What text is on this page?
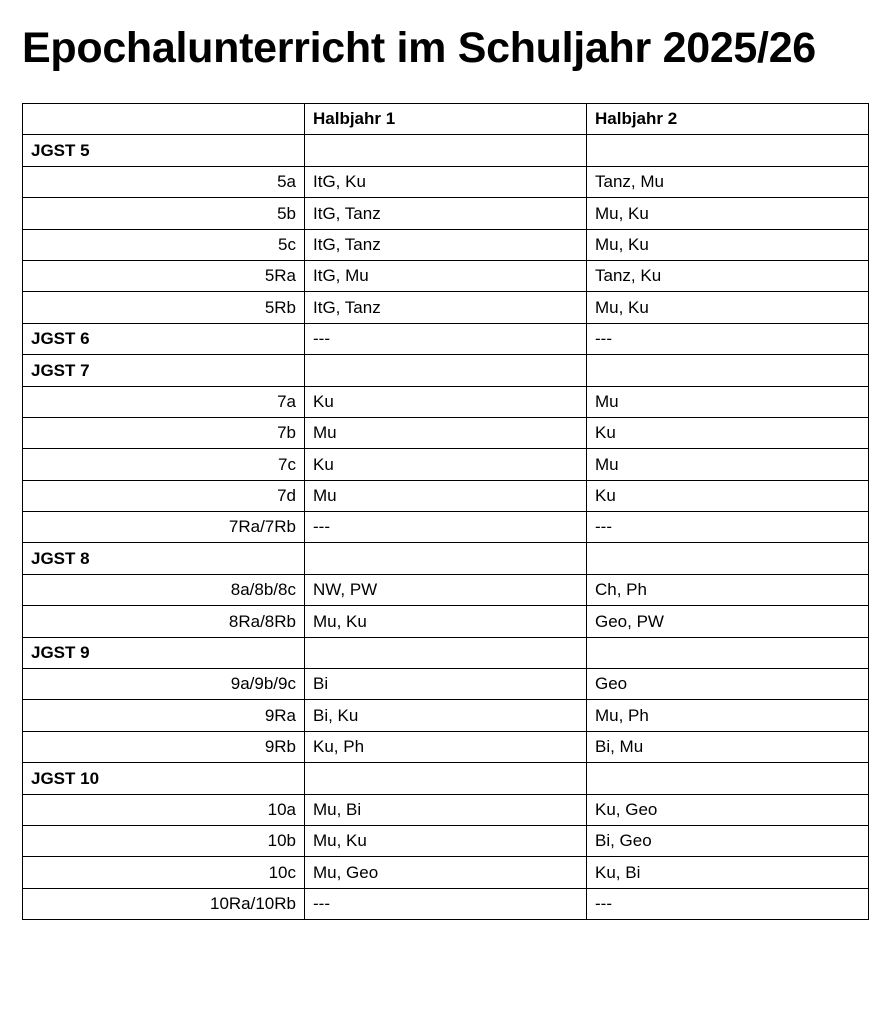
Epochalunterricht im Schuljahr 2025/26
	Halbjahr 1	Halbjahr 2
JGST 5		
5a	ItG, Ku	Tanz, Mu
5b	ItG, Tanz	Mu, Ku
5c	ItG, Tanz	Mu, Ku
5Ra	ItG, Mu	Tanz, Ku
5Rb	ItG, Tanz	Mu, Ku
JGST 6	---	---
JGST 7		
7a	Ku	Mu
7b	Mu	Ku
7c	Ku	Mu
7d	Mu	Ku
7Ra/7Rb	---	---
JGST 8		
8a/8b/8c	NW, PW	Ch, Ph
8Ra/8Rb	Mu, Ku	Geo, PW
JGST 9		
9a/9b/9c	Bi	Geo
9Ra	Bi, Ku	Mu, Ph
9Rb	Ku, Ph	Bi, Mu
JGST 10		
10a	Mu, Bi	Ku, Geo
10b	Mu, Ku	Bi, Geo
10c	Mu, Geo	Ku, Bi
10Ra/10Rb	---	---
